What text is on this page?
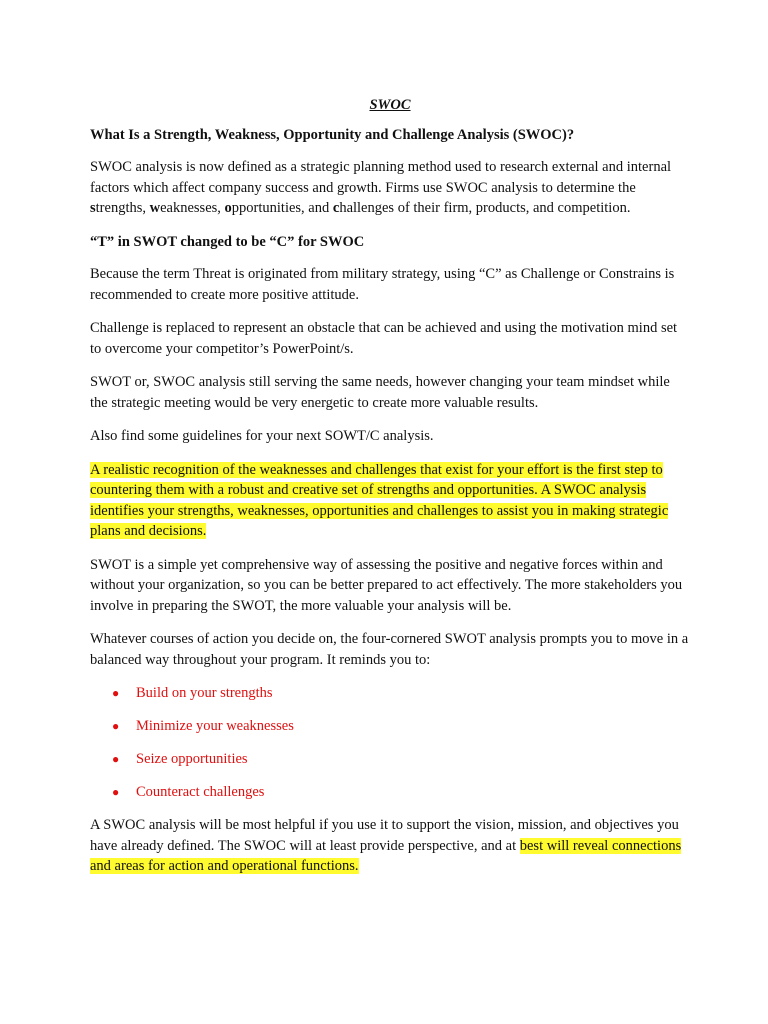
SWOC
What Is a Strength, Weakness, Opportunity and Challenge Analysis (SWOC)?
SWOC analysis is now defined as a strategic planning method used to research external and internal factors which affect company success and growth. Firms use SWOC analysis to determine the strengths, weaknesses, opportunities, and challenges of their firm, products, and competition.
“T” in SWOT changed to be “C” for SWOC
Because the term Threat is originated from military strategy, using “C” as Challenge or Constrains is recommended to create more positive attitude.
Challenge is replaced to represent an obstacle that can be achieved and using the motivation mind set to overcome your competitor’s PowerPoint/s.
SWOT or, SWOC analysis still serving the same needs, however changing your team mindset while the strategic meeting would be very energetic to create more valuable results.
Also find some guidelines for your next SOWT/C analysis.
A realistic recognition of the weaknesses and challenges that exist for your effort is the first step to countering them with a robust and creative set of strengths and opportunities. A SWOC analysis identifies your strengths, weaknesses, opportunities and challenges to assist you in making strategic plans and decisions.
SWOT is a simple yet comprehensive way of assessing the positive and negative forces within and without your organization, so you can be better prepared to act effectively. The more stakeholders you involve in preparing the SWOT, the more valuable your analysis will be.
Whatever courses of action you decide on, the four-cornered SWOT analysis prompts you to move in a balanced way throughout your program. It reminds you to:
● Build on your strengths
● Minimize your weaknesses
● Seize opportunities
● Counteract challenges
A SWOC analysis will be most helpful if you use it to support the vision, mission, and objectives you have already defined. The SWOC will at least provide perspective, and at best will reveal connections and areas for action and operational functions.
